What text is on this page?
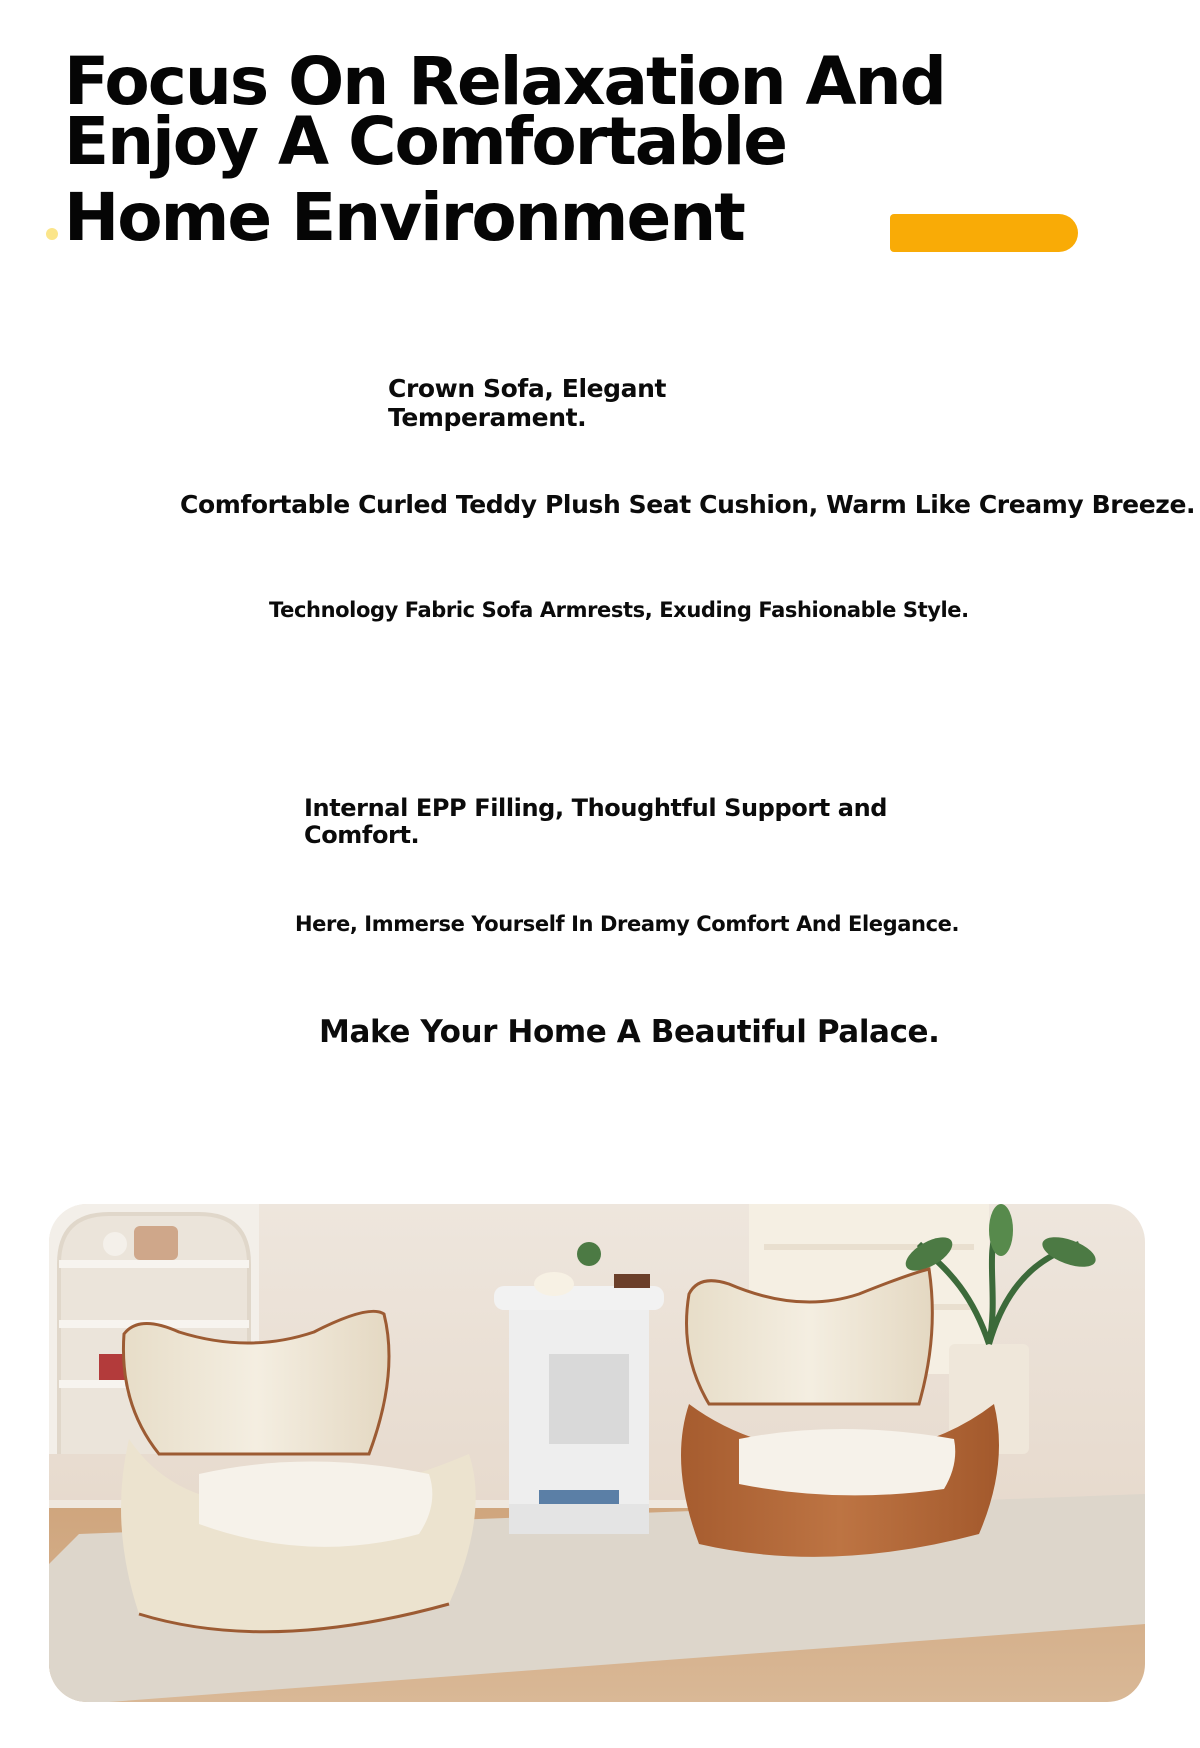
Focus On Relaxation And
Enjoy A Comfortable
Home Environment

Crown Sofa, Elegant
Temperament.

Comfortable Curled Teddy Plush Seat Cushion, Warm Like Creamy Breeze.

Technology Fabric Sofa Armrests, Exuding Fashionable Style.

Internal EPP Filling, Thoughtful Support and
Comfort.

Here, Immerse Yourself In Dreamy Comfort And Elegance.

Make Your Home A Beautiful Palace.
